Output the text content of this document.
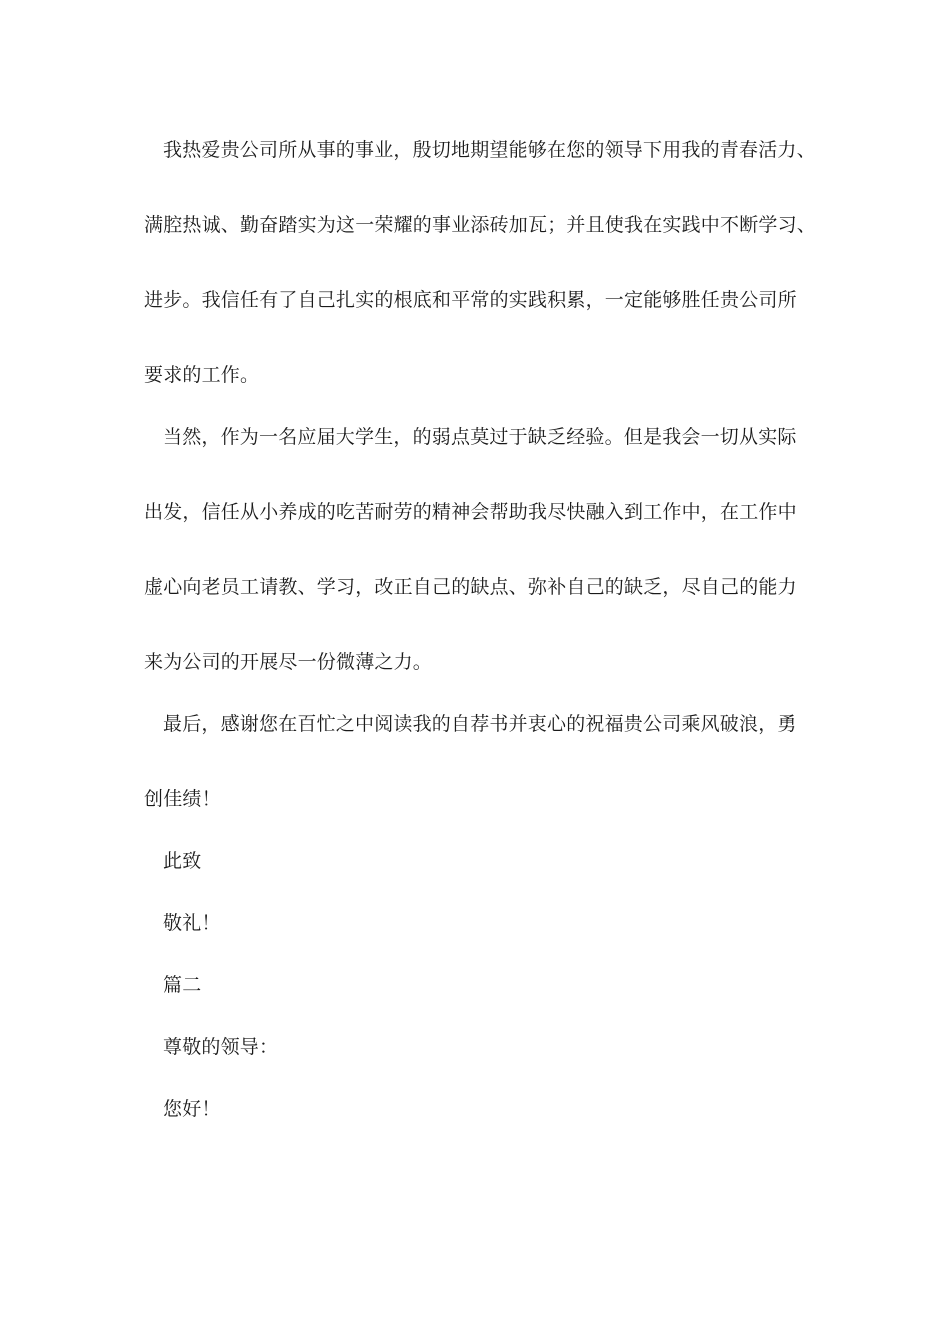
我热爱贵公司所从事的事业，殷切地期望能够在您的领导下用我的青春活力、
满腔热诚、勤奋踏实为这一荣耀的事业添砖加瓦；并且使我在实践中不断学习、
进步。我信任有了自己扎实的根底和平常的实践积累，一定能够胜任贵公司所
要求的工作。
当然，作为一名应届大学生，的弱点莫过于缺乏经验。但是我会一切从实际
出发，信任从小养成的吃苦耐劳的精神会帮助我尽快融入到工作中，在工作中
虚心向老员工请教、学习，改正自己的缺点、弥补自己的缺乏，尽自己的能力
来为公司的开展尽一份微薄之力。
最后，感谢您在百忙之中阅读我的自荐书并衷心的祝福贵公司乘风破浪，勇
创佳绩！
此致
敬礼！
篇二
尊敬的领导：
您好！
